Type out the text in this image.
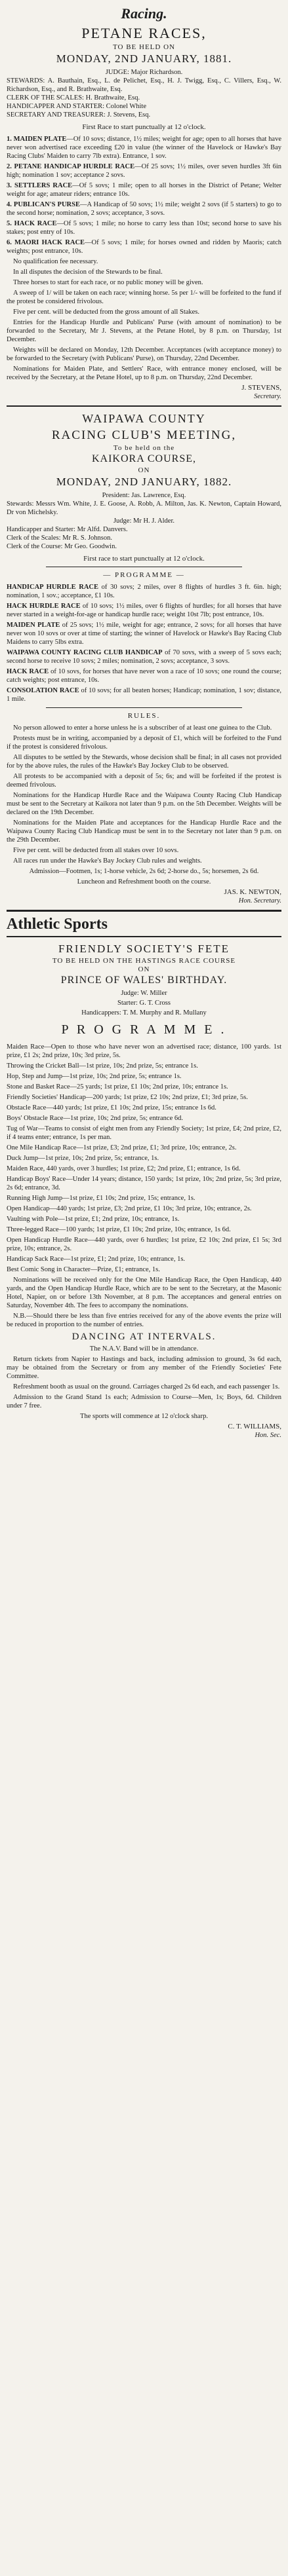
Racing.
PETANE RACES,
TO BE HELD ON
MONDAY, 2ND JANUARY, 1881.
JUDGE: Major Richardson.
STEWARDS: A. Bauthain, Esq., L. de Pelichet, Esq., H. J. Twigg, Esq., C. Villers, Esq., W. Richardson, Esq., and R. Brathwaite, Esq.
CLERK OF THE SCALES: H. Brathwaite, Esq.
HANDICAPPER AND STARTER: Colonel White
SECRETARY AND TREASURER: J. Stevens, Esq.
First Race to start punctually at 12 o'clock.

1. MAIDEN PLATE—Of 10 sovs; distance, 1½ miles; weight for age; open to all horses that have never won advertised race exceeding £20 in value (the winner of the Havelock or Hawke's Bay Racing Clubs' Maiden to carry 7lb extra). Entrance, 1 sov.

2. PETANE HANDICAP HURDLE RACE—Of 25 sovs; 1½ miles, over seven hurdles 3ft 6in high; nomination 1 sov; acceptance 2 sovs.

3. SETTLERS RACE—Of 5 sovs; 1 mile; open to all horses in the District of Petane; Welter weight for age; amateur riders; entrance 10s.

4. PUBLICAN'S PURSE—A Handicap of 50 sovs; 1½ mile; weight 2 sovs (if 5 starters) to go to the second horse; nomination, 2 sovs; acceptance, 3 sovs.

5. HACK RACE—Of 5 sovs; 1 mile; no horse to carry less than 10st; second horse to save his stakes; post entry of 10s.

6. MAORI HACK RACE—Of 5 sovs; 1 mile; for horses owned and ridden by Maoris; catch weights; post entrance, 10s.

No qualification fee necessary.

In all disputes the decision of the Stewards to be final.

Three horses to start for each race, or no public money will be given.

A sweep of 1/ will be taken on each race; winning horse. 5s per 1/- will be forfeited to the fund if the protest be considered frivolous.

Five per cent. will be deducted from the gross amount of all Stakes.

Entries for the Handicap Hurdle and Publicans' Purse (with amount of nomination) to be forwarded to the Secretary, Mr J. Stevens, at the Petane Hotel, by 8 p.m. on Thursday, 1st December.

Weights will be declared on Monday, 12th December. Acceptances (with acceptance money) to be forwarded to the Secretary (with Publicans' Purse), on Thursday, 22nd December.

Nominations for Maiden Plate, and Settlers' Race, with entrance money enclosed, will be received by the Secretary, at the Petane Hotel, up to 8 p.m. on Thursday, 22nd December.

J. STEVENS,
Secretary.
WAIPAWA COUNTY
RACING CLUB'S MEETING,
To be held on the
KAIKORA COURSE,
ON
MONDAY, 2ND JANUARY, 1882.
President: Jas. Lawrence, Esq.
Stewards: Messrs Wm. White, J. E. Goose, A. Robb, A. Milton, Jas. K. Newton, Captain Howard, Dr von Michelsky.
Judge: Mr H. J. Alder.
Handicapper and Starter: Mr Alfd. Danvers.
Clerk of the Scales: Mr R. S. Johnson.
Clerk of the Course: Mr Geo. Goodwin.
First race to start punctually at 12 o'clock.
— PROGRAMME —

HANDICAP HURDLE RACE of 30 sovs; 2 miles, over 8 flights of hurdles 3 ft. 6in. high; nomination, 1 sov.; acceptance, £1 10s.

HACK HURDLE RACE of 10 sovs; 1½ miles, over 6 flights of hurdles; for all horses that have never started in a weight-for-age or handicap hurdle race; weight 10st 7lb; post entrance, 10s.

MAIDEN PLATE of 25 sovs; 1½ mile, weight for age; entrance, 2 sovs; for all horses that have never won 10 sovs or over at time of starting; the winner of Havelock or Hawke's Bay Racing Club Maidens to carry 5lbs extra.

WAIPAWA COUNTY RACING CLUB HANDICAP of 70 sovs, with a sweep of 5 sovs each; second horse to receive 10 sovs; 2 miles; nomination, 2 sovs; acceptance, 3 sovs.

HACK RACE of 10 sovs, for horses that have never won a race of 10 sovs; one round the course; catch weights; post entrance, 10s.

CONSOLATION RACE of 10 sovs; for all beaten horses; Handicap; nomination, 1 sov; distance, 1 mile.

RULES.

No person allowed to enter a horse unless he is a subscriber of at least one guinea to the Club.

Protests must be in writing, accompanied by a deposit of £1, which will be forfeited to the Fund if the protest is considered frivolous.

All disputes to be settled by the Stewards, whose decision shall be final; in all cases not provided for by the above rules, the rules of the Hawke's Bay Jockey Club to be observed.

All protests to be accompanied with a deposit of 5s; 6s; and will be forfeited if the protest is deemed frivolous.

Nominations for the Handicap Hurdle Race and the Waipawa County Racing Club Handicap must be sent to the Secretary at Kaikora not later than 9 p.m. on the 5th December. Weights will be declared on the 19th December.

Nominations for the Maiden Plate and acceptances for the Handicap Hurdle Race and the Waipawa County Racing Club Handicap must be sent in to the Secretary not later than 9 p.m. on the 29th December.

Five per cent. will be deducted from all stakes over 10 sovs.

All races run under the Hawke's Bay Jockey Club rules and weights.

Admission—Footmen, 1s; 1-horse vehicle, 2s 6d; 2-horse do., 5s; horsemen, 2s 6d.

Luncheon and Refreshment booth on the course.

JAS. K. NEWTON,
Hon. Secretary.
Athletic Sports
FRIENDLY SOCIETY'S FETE
TO BE HELD ON THE HASTINGS RACE COURSE
ON
PRINCE OF WALES' BIRTHDAY.
Judge: W. Miller
Starter: G. T. Cross
Handicappers: T. M. Murphy and R. Mullany
P R O G R A M M E .

Maiden Race—Open to those who have never won an advertised race; distance, 100 yards. 1st prize, £1 2s; 2nd prize, 10s; 3rd prize, 5s.

Throwing the Cricket Ball—1st prize, 10s; 2nd prize, 5s; entrance 1s.

Hop, Step and Jump—1st prize, 10s; 2nd prize, 5s; entrance 1s.

Stone and Basket Race—25 yards; 1st prize, £1 10s; 2nd prize, 10s; entrance 1s.

Friendly Societies' Handicap—200 yards; 1st prize, £2 10s; 2nd prize, £1; 3rd prize, 5s.

Obstacle Race—440 yards; 1st prize, £1 10s; 2nd prize, 15s; entrance 1s 6d.

Boys' Obstacle Race—1st prize, 10s; 2nd prize, 5s; entrance 6d.

Tug of War—Teams to consist of eight men from any Friendly Society; 1st prize, £4; 2nd prize, £2, if 4 teams enter; entrance, 1s per man.

One Mile Handicap Race—1st prize, £3; 2nd prize, £1; 3rd prize, 10s; entrance, 2s.

Duck Jump—1st prize, 10s; 2nd prize, 5s; entrance, 1s.

Maiden Race, 440 yards, over 3 hurdles; 1st prize, £2; 2nd prize, £1; entrance, 1s 6d.

Handicap Boys' Race—Under 14 years; distance, 150 yards; 1st prize, 10s; 2nd prize, 5s; 3rd prize, 2s 6d; entrance, 3d.

Running High Jump—1st prize, £1 10s; 2nd prize, 15s; entrance, 1s.

Open Handicap—440 yards; 1st prize, £3; 2nd prize, £1 10s; 3rd prize, 10s; entrance, 2s.

Vaulting with Pole—1st prize, £1; 2nd prize, 10s; entrance, 1s.

Three-legged Race—100 yards; 1st prize, £1 10s; 2nd prize, 10s; entrance, 1s 6d.

Open Handicap Hurdle Race—440 yards, over 6 hurdles; 1st prize, £2 10s; 2nd prize, £1 5s; 3rd prize, 10s; entrance, 2s.

Handicap Sack Race—1st prize, £1; 2nd prize, 10s; entrance, 1s.

Best Comic Song in Character—Prize, £1; entrance, 1s.

Nominations will be received only for the One Mile Handicap Race, the Open Handicap, 440 yards, and the Open Handicap Hurdle Race, which are to be sent to the Secretary, at the Masonic Hotel, Napier, on or before 13th November, at 8 p.m. The acceptances and general entries on Saturday, November 4th. The fees to accompany the nominations.

N.B.—Should there be less than five entries received for any of the above events the prize will be reduced in proportion to the number of entries.

DANCING AT INTERVALS.

The N.A.V. Band will be in attendance.

Return tickets from Napier to Hastings and back, including admission to ground, 3s 6d each, may be obtained from the Secretary or from any member of the Friendly Societies' Fete Committee.

Refreshment booth as usual on the ground. Carriages charged 2s 6d each, and each passenger 1s.

Admission to the Grand Stand 1s each; Admission to Course—Men, 1s; Boys, 6d. Children under 7 free.

The sports will commence at 12 o'clock sharp.

C. T. WILLIAMS,
Hon. Sec.
